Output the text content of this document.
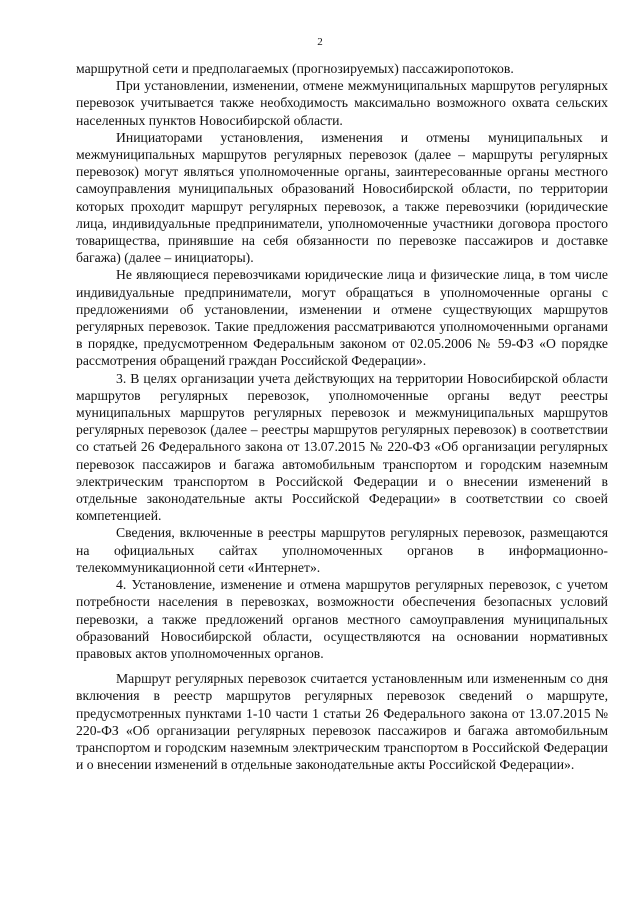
2

маршрутной сети и предполагаемых (прогнозируемых) пассажиропотоков.

При установлении, изменении, отмене межмуниципальных маршрутов регулярных перевозок учитывается также необходимость максимально возможного охвата сельских населенных пунктов Новосибирской области.

Инициаторами установления, изменения и отмены муниципальных и межмуниципальных маршрутов регулярных перевозок (далее – маршруты регулярных перевозок) могут являться уполномоченные органы, заинтересованные органы местного самоуправления муниципальных образований Новосибирской области, по территории которых проходит маршрут регулярных перевозок, а также перевозчики (юридические лица, индивидуальные предприниматели, уполномоченные участники договора простого товарищества, принявшие на себя обязанности по перевозке пассажиров и доставке багажа) (далее – инициаторы).

Не являющиеся перевозчиками юридические лица и физические лица, в том числе индивидуальные предприниматели, могут обращаться в уполномоченные органы с предложениями об установлении, изменении и отмене существующих маршрутов регулярных перевозок. Такие предложения рассматриваются уполномоченными органами в порядке, предусмотренном Федеральным законом от 02.05.2006 № 59-ФЗ «О порядке рассмотрения обращений граждан Российской Федерации».

3. В целях организации учета действующих на территории Новосибирской области маршрутов регулярных перевозок, уполномоченные органы ведут реестры муниципальных маршрутов регулярных перевозок и межмуниципальных маршрутов регулярных перевозок (далее – реестры маршрутов регулярных перевозок) в соответствии со статьей 26 Федерального закона от 13.07.2015 № 220-ФЗ «Об организации регулярных перевозок пассажиров и багажа автомобильным транспортом и городским наземным электрическим транспортом в Российской Федерации и о внесении изменений в отдельные законодательные акты Российской Федерации» в соответствии со своей компетенцией.

Сведения, включенные в реестры маршрутов регулярных перевозок, размещаются на официальных сайтах уполномоченных органов в информационно-телекоммуникационной сети «Интернет».

4. Установление, изменение и отмена маршрутов регулярных перевозок, с учетом потребности населения в перевозках, возможности обеспечения безопасных условий перевозки, а также предложений органов местного самоуправления муниципальных образований Новосибирской области, осуществляются на основании нормативных правовых актов уполномоченных органов.

Маршрут регулярных перевозок считается установленным или измененным со дня включения в реестр маршрутов регулярных перевозок сведений о маршруте, предусмотренных пунктами 1-10 части 1 статьи 26 Федерального закона от 13.07.2015 № 220-ФЗ «Об организации регулярных перевозок пассажиров и багажа автомобильным транспортом и городским наземным электрическим транспортом в Российской Федерации и о внесении изменений в отдельные законодательные акты Российской Федерации».
